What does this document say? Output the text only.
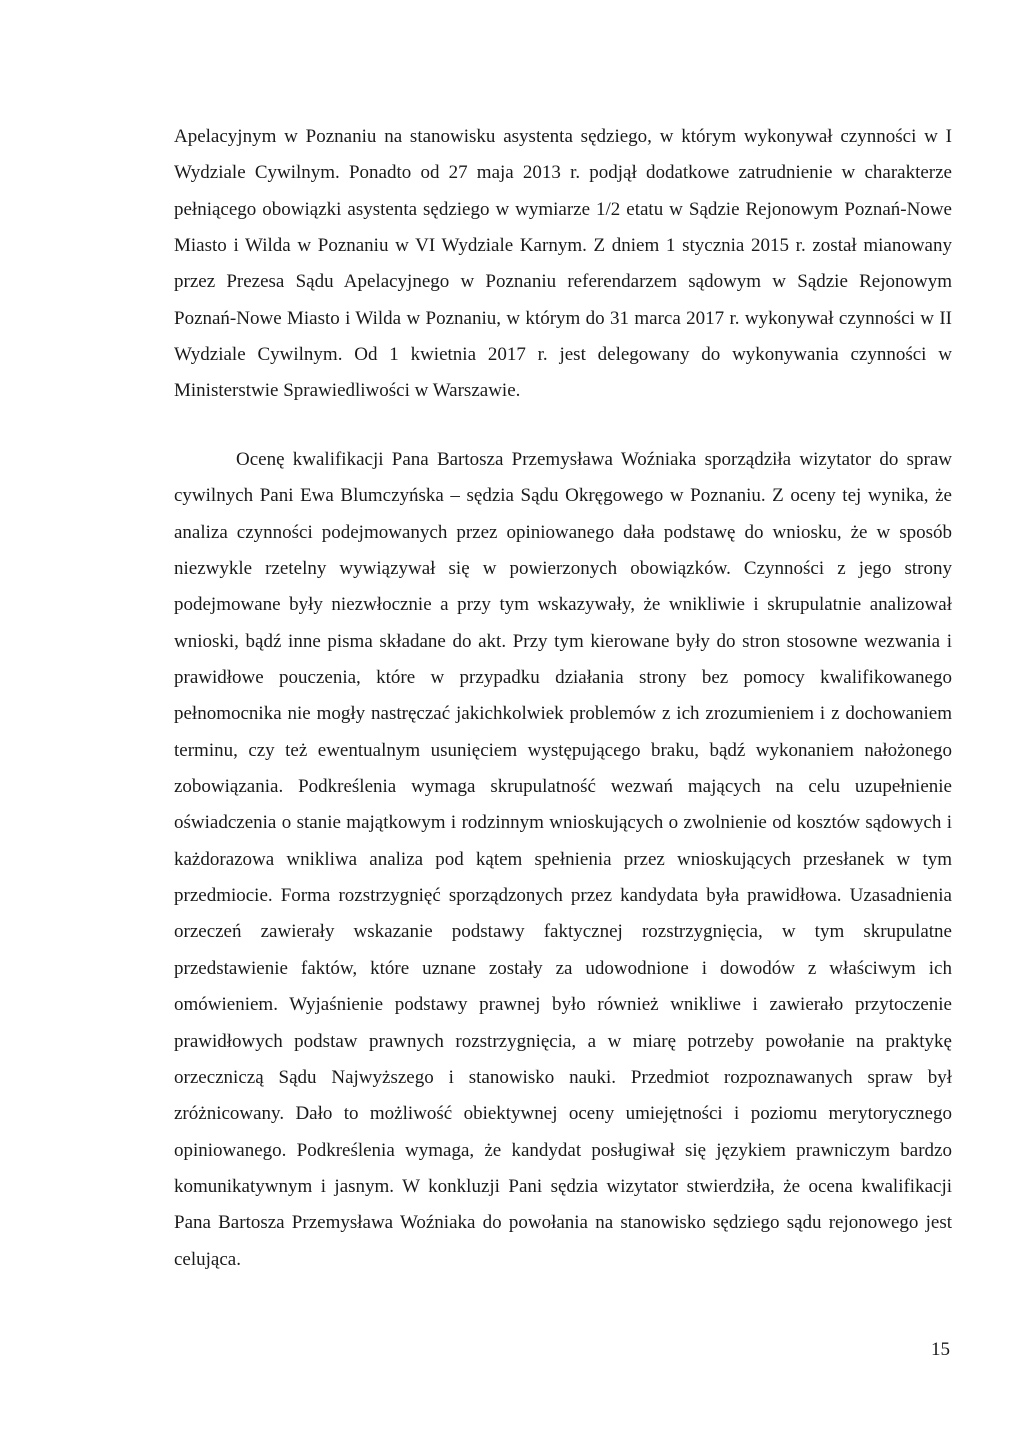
Apelacyjnym w Poznaniu na stanowisku asystenta sędziego, w którym wykonywał czynności w I Wydziale Cywilnym. Ponadto od 27 maja 2013 r. podjął dodatkowe zatrudnienie w charakterze pełniącego obowiązki asystenta sędziego w wymiarze 1/2 etatu w Sądzie Rejonowym Poznań-Nowe Miasto i Wilda w Poznaniu w VI Wydziale Karnym. Z dniem 1 stycznia 2015 r. został mianowany przez Prezesa Sądu Apelacyjnego w Poznaniu referendarzem sądowym w Sądzie Rejonowym Poznań-Nowe Miasto i Wilda w Poznaniu, w którym do 31 marca 2017 r. wykonywał czynności w II Wydziale Cywilnym. Od 1 kwietnia 2017 r. jest delegowany do wykonywania czynności w Ministerstwie Sprawiedliwości w Warszawie.

Ocenę kwalifikacji Pana Bartosza Przemysława Woźniaka sporządziła wizytator do spraw cywilnych Pani Ewa Blumczyńska – sędzia Sądu Okręgowego w Poznaniu. Z oceny tej wynika, że analiza czynności podejmowanych przez opiniowanego dała podstawę do wniosku, że w sposób niezwykle rzetelny wywiązywał się w powierzonych obowiązków. Czynności z jego strony podejmowane były niezwłocznie a przy tym wskazywały, że wnikliwie i skrupulatnie analizował wnioski, bądź inne pisma składane do akt. Przy tym kierowane były do stron stosowne wezwania i prawidłowe pouczenia, które w przypadku działania strony bez pomocy kwalifikowanego pełnomocnika nie mogły nastręczać jakichkolwiek problemów z ich zrozumieniem i z dochowaniem terminu, czy też ewentualnym usunięciem występującego braku, bądź wykonaniem nałożonego zobowiązania. Podkreślenia wymaga skrupulatność wezwań mających na celu uzupełnienie oświadczenia o stanie majątkowym i rodzinnym wnioskujących o zwolnienie od kosztów sądowych i każdorazowa wnikliwa analiza pod kątem spełnienia przez wnioskujących przesłanek w tym przedmiocie. Forma rozstrzygnięć sporządzonych przez kandydata była prawidłowa. Uzasadnienia orzeczeń zawierały wskazanie podstawy faktycznej rozstrzygnięcia, w tym skrupulatne przedstawienie faktów, które uznane zostały za udowodnione i dowodów z właściwym ich omówieniem. Wyjaśnienie podstawy prawnej było również wnikliwe i zawierało przytoczenie prawidłowych podstaw prawnych rozstrzygnięcia, a w miarę potrzeby powołanie na praktykę orzeczniczą Sądu Najwyższego i stanowisko nauki. Przedmiot rozpoznawanych spraw był zróżnicowany. Dało to możliwość obiektywnej oceny umiejętności i poziomu merytorycznego opiniowanego. Podkreślenia wymaga, że kandydat posługiwał się językiem prawniczym bardzo komunikatywnym i jasnym. W konkluzji Pani sędzia wizytator stwierdziła, że ocena kwalifikacji Pana Bartosza Przemysława Woźniaka do powołania na stanowisko sędziego sądu rejonowego jest celująca.

15
